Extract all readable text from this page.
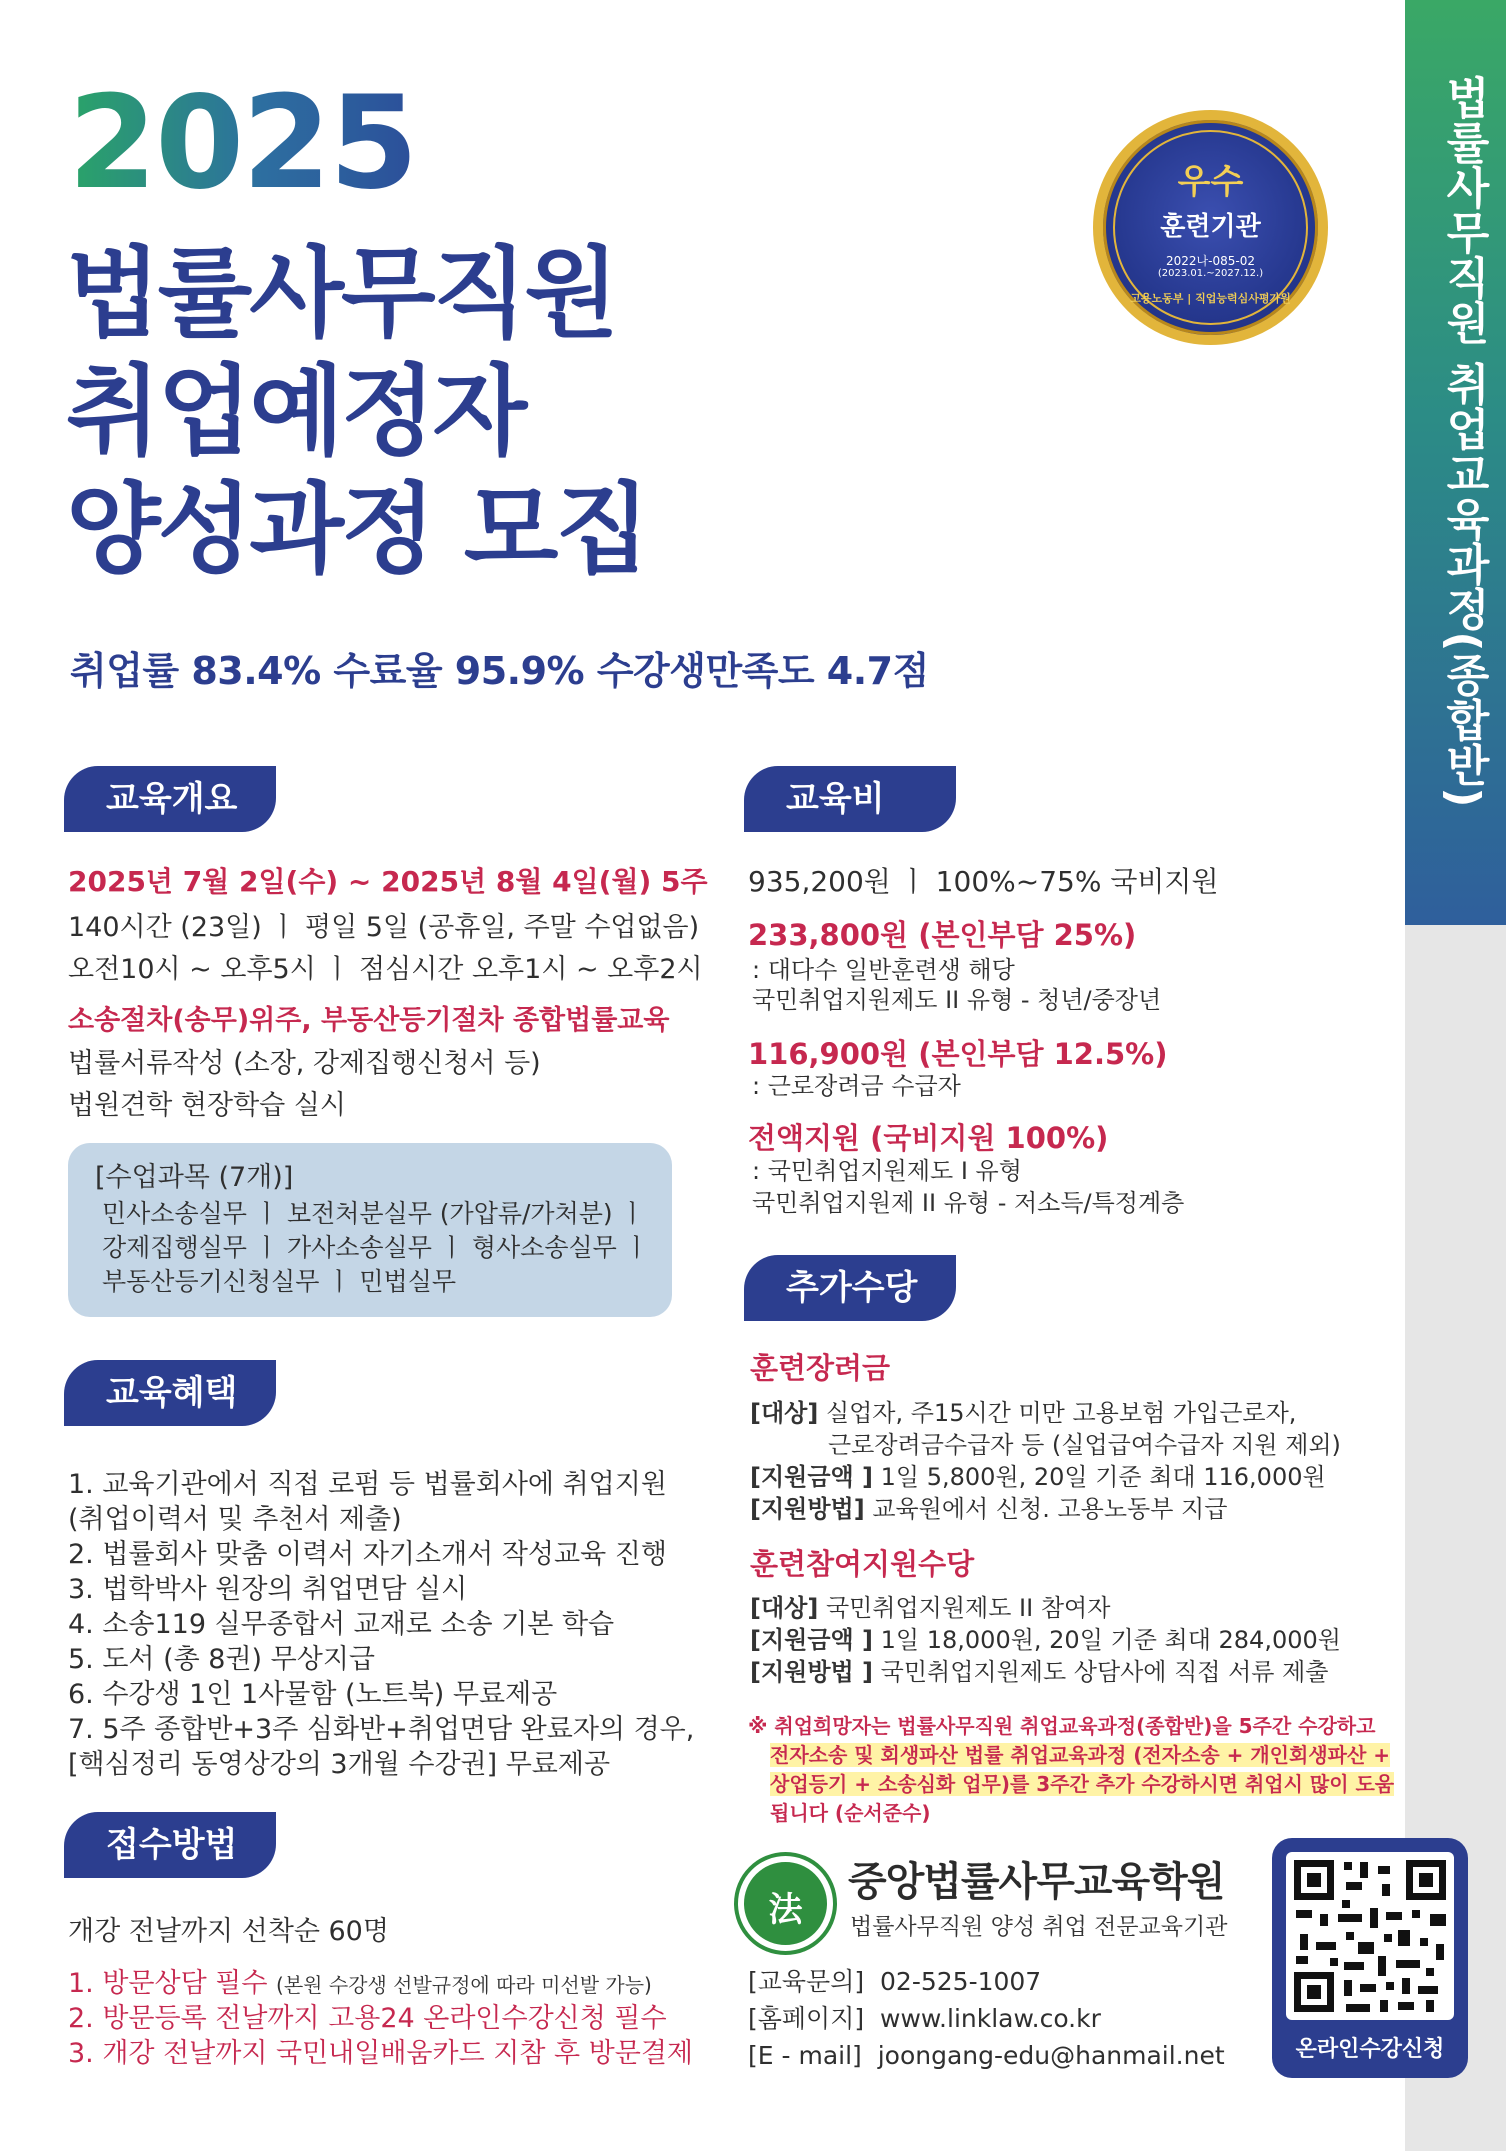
법률사무직원 취업교육과정(종합반)
2025
법률사무직원
취업예정자
양성과정 모집
취업률 83.4% 수료율 95.9% 수강생만족도 4.7점
우수
훈련기관
2022나-085-02
(2023.01.~2027.12.)
고용노동부 | 직업능력심사평가원
교육개요
2025년 7월 2일(수) ~ 2025년 8월 4일(월) 5주
140시간 (23일) ㅣ 평일 5일 (공휴일, 주말 수업없음)
오전10시 ~ 오후5시 ㅣ 점심시간 오후1시 ~ 오후2시
소송절차(송무)위주, 부동산등기절차 종합법률교육
법률서류작성 (소장, 강제집행신청서 등)
법원견학 현장학습 실시
[수업과목 (7개)]
민사소송실무 ㅣ 보전처분실무 (가압류/가처분) ㅣ
강제집행실무 ㅣ 가사소송실무 ㅣ 형사소송실무 ㅣ
부동산등기신청실무 ㅣ 민법실무
교육혜택
1. 교육기관에서 직접 로펌 등 법률회사에 취업지원
(취업이력서 및 추천서 제출)
2. 법률회사 맞춤 이력서 자기소개서 작성교육 진행
3. 법학박사 원장의 취업면담 실시
4. 소송119 실무종합서 교재로 소송 기본 학습
5. 도서 (총 8권) 무상지급
6. 수강생 1인 1사물함 (노트북) 무료제공
7. 5주 종합반+3주 심화반+취업면담 완료자의 경우,
[핵심정리 동영상강의 3개월 수강권] 무료제공
접수방법
개강 전날까지 선착순 60명
1. 방문상담 필수 (본원 수강생 선발규정에 따라 미선발 가능)
2. 방문등록 전날까지 고용24 온라인수강신청 필수
3. 개강 전날까지 국민내일배움카드 지참 후 방문결제
교육비
935,200원 ㅣ 100%~75% 국비지원
233,800원 (본인부담 25%)
: 대다수 일반훈련생 해당
국민취업지원제도 II 유형 - 청년/중장년
116,900원 (본인부담 12.5%)
: 근로장려금 수급자
전액지원 (국비지원 100%)
: 국민취업지원제도 I 유형
국민취업지원제 II 유형 - 저소득/특정계층
추가수당
훈련장려금
[대상] 실업자, 주15시간 미만 고용보험 가입근로자,
근로장려금수급자 등 (실업급여수급자 지원 제외)
[지원금액 ] 1일 5,800원, 20일 기준 최대 116,000원
[지원방법] 교육원에서 신청. 고용노동부 지급
훈련참여지원수당
[대상] 국민취업지원제도 II 참여자
[지원금액 ] 1일 18,000원, 20일 기준 최대 284,000원
[지원방법 ] 국민취업지원제도 상담사에 직접 서류 제출
※ 취업희망자는 법률사무직원 취업교육과정(종합반)을 5주간 수강하고
전자소송 및 회생파산 법률 취업교육과정 (전자소송 + 개인회생파산 +
상업등기 + 소송심화 업무)를 3주간 추가 수강하시면 취업시 많이 도움
됩니다 (순서준수)
法
중앙법률사무교육학원
법률사무직원 양성 취업 전문교육기관
[교육문의] 02-525-1007
[홈페이지] www.linklaw.co.kr
[E - mail] joongang-edu@hanmail.net	온라인수강신청
